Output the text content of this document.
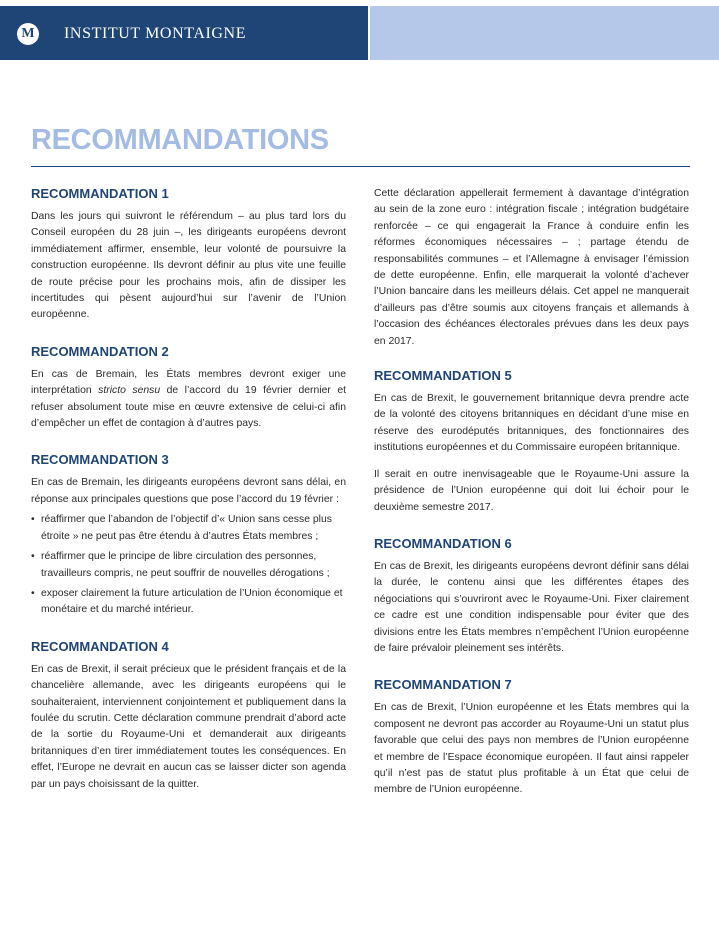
M INSTITUT MONTAIGNE
RECOMMANDATIONS
RECOMMANDATION 1

Dans les jours qui suivront le référendum – au plus tard lors du Conseil européen du 28 juin –, les dirigeants européens devront immédiatement affirmer, ensemble, leur volonté de poursuivre la construction européenne. Ils devront définir au plus vite une feuille de route précise pour les prochains mois, afin de dissiper les incertitudes qui pèsent aujourd’hui sur l’avenir de l’Union européenne.

RECOMMANDATION 2

En cas de Bremain, les États membres devront exiger une interprétation stricto sensu de l’accord du 19 février dernier et refuser absolument toute mise en œuvre extensive de celui-ci afin d’empêcher un effet de contagion à d’autres pays.

RECOMMANDATION 3

En cas de Bremain, les dirigeants européens devront sans délai, en réponse aux principales questions que pose l’accord du 19 février :

• réaffirmer que l’abandon de l’objectif d’« Union sans cesse plus étroite » ne peut pas être étendu à d’autres États membres ;
• réaffirmer que le principe de libre circulation des personnes, travailleurs compris, ne peut souffrir de nouvelles dérogations ;
• exposer clairement la future articulation de l’Union économique et monétaire et du marché intérieur.
RECOMMANDATION 4

En cas de Brexit, il serait précieux que le président français et de la chancelière allemande, avec les dirigeants européens qui le souhaiteraient, interviennent conjointement et publiquement dans la foulée du scrutin. Cette déclaration commune prendrait d’abord acte de la sortie du Royaume-Uni et demanderait aux dirigeants britanniques d’en tirer immédiatement toutes les conséquences. En effet, l’Europe ne devrait en aucun cas se laisser dicter son agenda par un pays choisissant de la quitter.

Cette déclaration appellerait fermement à davantage d’intégration au sein de la zone euro : intégration fiscale ; intégration budgétaire renforcée – ce qui engagerait la France à conduire enfin les réformes économiques nécessaires – ; partage étendu de responsabilités communes – et l’Allemagne à envisager l’émission de dette européenne. Enfin, elle marquerait la volonté d’achever l’Union bancaire dans les meilleurs délais. Cet appel ne manquerait d’ailleurs pas d’être soumis aux citoyens français et allemands à l’occasion des échéances électorales prévues dans les deux pays en 2017.

RECOMMANDATION 5

En cas de Brexit, le gouvernement britannique devra prendre acte de la volonté des citoyens britanniques en décidant d’une mise en réserve des eurodéputés britanniques, des fonctionnaires des institutions européennes et du Commissaire européen britannique.

Il serait en outre inenvisageable que le Royaume-Uni assure la présidence de l’Union européenne qui doit lui échoir pour le deuxième semestre 2017.

RECOMMANDATION 6

En cas de Brexit, les dirigeants européens devront définir sans délai la durée, le contenu ainsi que les différentes étapes des négociations qui s’ouvriront avec le Royaume-Uni. Fixer clairement ce cadre est une condition indispensable pour éviter que des divisions entre les États membres n’empêchent l’Union européenne de faire prévaloir pleinement ses intérêts.

RECOMMANDATION 7

En cas de Brexit, l’Union européenne et les États membres qui la composent ne devront pas accorder au Royaume-Uni un statut plus favorable que celui des pays non membres de l’Union européenne et membre de l’Espace économique européen. Il faut ainsi rappeler qu’il n’est pas de statut plus profitable à un État que celui de membre de l’Union européenne.
